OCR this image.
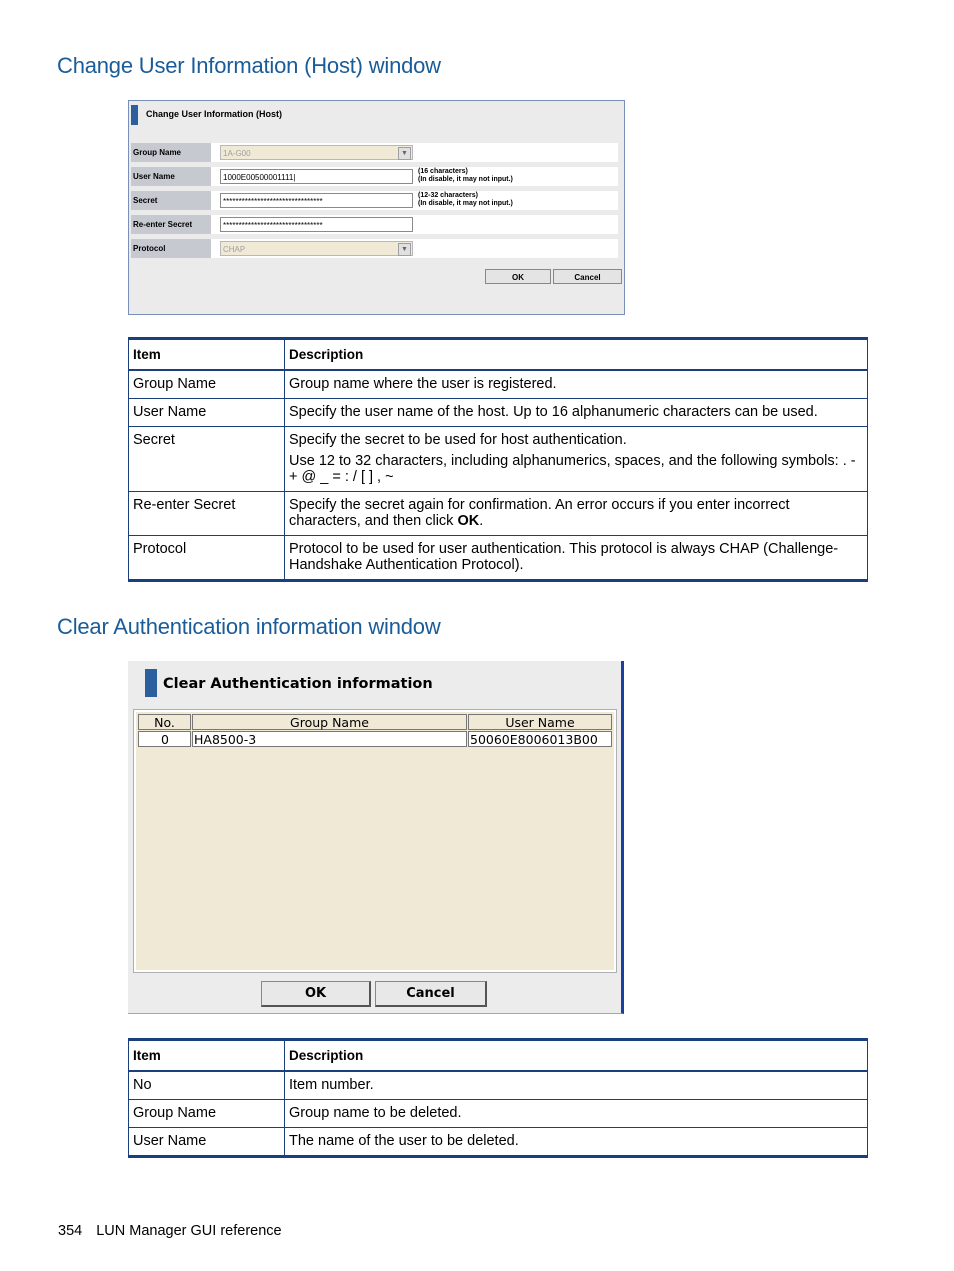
Change User Information (Host) window
Change User Information (Host)
Group Name	1A-G00	▼
User Name	1000E00500001111|
(16 characters)
(In disable, it may not input.)
Secret	********************************
(12-32 characters)
(In disable, it may not input.)
Re-enter Secret	********************************
Protocol	CHAP	▼
OK	Cancel
Item	Description
Group Name	Group name where the user is registered.
User Name	Specify the user name of the host. Up to 16 alphanumeric characters can be used.
Secret	Specify the secret to be used for host authentication.

Use 12 to 32 characters, including alphanumerics, spaces, and the following symbols: . - + @ _ = : / [ ] , ~

Re-enter Secret	Specify the secret again for confirmation. An error occurs if you enter incorrect characters, and then click OK.
Protocol	Protocol to be used for user authentication. This protocol is always CHAP (Challenge-Handshake Authentication Protocol).
Clear Authentication information window
Clear Authentication information
No.	Group Name	User Name
0	HA8500-3	50060E8006013B00
OK	Cancel
Item	Description
No	Item number.
Group Name	Group name to be deleted.
User Name	The name of the user to be deleted.
354 LUN Manager GUI reference
